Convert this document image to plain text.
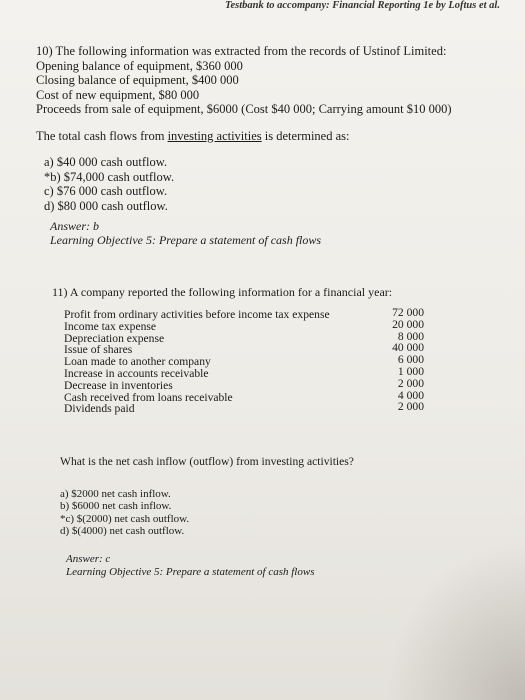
Testbank to accompany: Financial Reporting 1e by Loftus et al.
10) The following information was extracted from the records of Ustinof Limited:
Opening balance of equipment, $360 000
Closing balance of equipment, $400 000
Cost of new equipment, $80 000
Proceeds from sale of equipment, $6000 (Cost $40 000; Carrying amount $10 000)
The total cash flows from investing activities is determined as:
a) $40 000 cash outflow.
*b) $74,000 cash outflow.
c) $76 000 cash outflow.
d) $80 000 cash outflow.
Answer: b
Learning Objective 5: Prepare a statement of cash flows
11) A company reported the following information for a financial year:
Profit from ordinary activities before income tax expense
Income tax expense
Depreciation expense
Issue of shares
Loan made to another company
Increase in accounts receivable
Decrease in inventories
Cash received from loans receivable
Dividends paid
72 000
20 000
8 000
40 000
6 000
1 000
2 000
4 000
2 000
What is the net cash inflow (outflow) from investing activities?
a) $2000 net cash inflow.
b) $6000 net cash inflow.
*c) $(2000) net cash outflow.
d) $(4000) net cash outflow.
Answer: c
Learning Objective 5: Prepare a statement of cash flows
